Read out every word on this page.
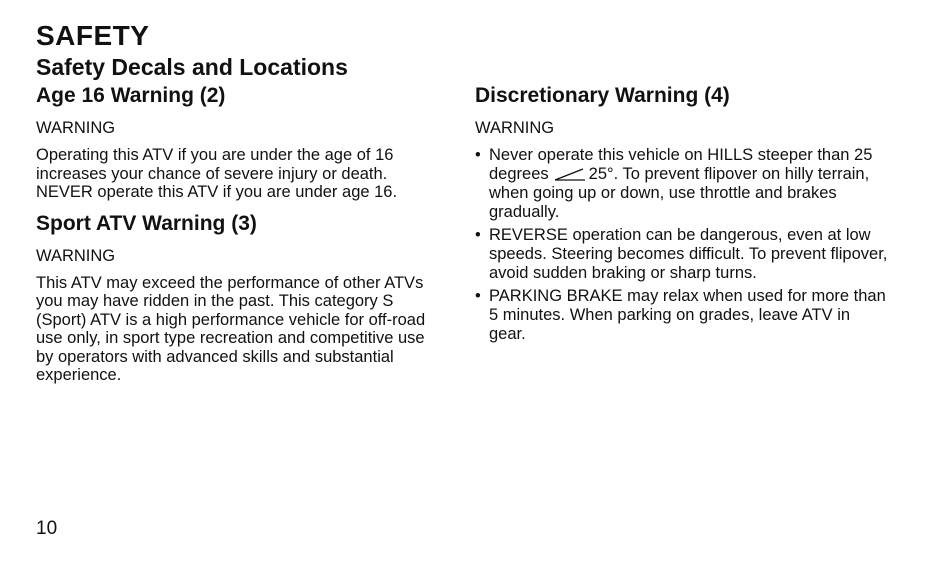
SAFETY
Safety Decals and Locations
Age 16 Warning (2)

WARNING

Operating this ATV if you are under the age of 16 increases your chance of severe injury or death. NEVER operate this ATV if you are under age 16.

Sport ATV Warning (3)

WARNING

This ATV may exceed the performance of other ATVs you may have ridden in the past. This category S (Sport) ATV is a high performance vehicle for off-road use only, in sport type recreation and competitive use by operators with advanced skills and substantial experience.

Discretionary Warning (4)

WARNING

• Never operate this vehicle on HILLS steeper than 25 degrees 25°. To prevent flipover on hilly terrain, when going up or down, use throttle and brakes gradually.
• REVERSE operation can be dangerous, even at low speeds. Steering becomes difficult. To prevent flipover, avoid sudden braking or sharp turns.
• PARKING BRAKE may relax when used for more than 5 minutes. When parking on grades, leave ATV in gear.
10
